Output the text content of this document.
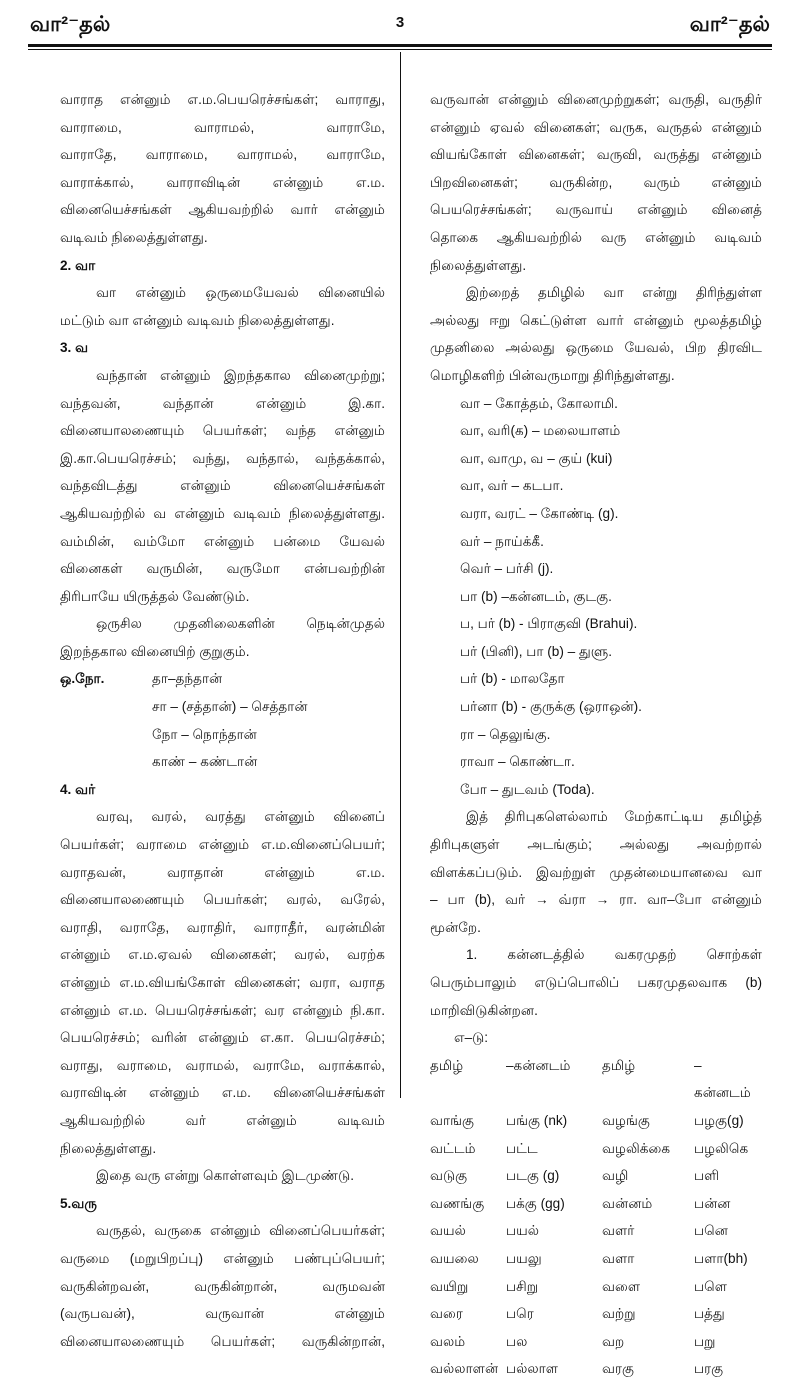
வா²⁻தல்	3	வா²⁻தல்

வாராத என்னும் எ.ம.பெயரெச்சங்கள்; வாராது,

வாராமை, வாராமல், வாராமே,

வாராதே, வாராமை, வாராமல், வாராமே,

வாராக்கால், வாராவிடின் என்னும் எ.ம.

வினையெச்சங்கள் ஆகியவற்றில் வார் என்னும்

வடிவம் நிலைத்துள்ளது.

2. வா

வா என்னும் ஒருமையேவல் வினையில்

மட்டும் வா என்னும் வடிவம் நிலைத்துள்ளது.

3. வ

வந்தான் என்னும் இறந்தகால வினைமுற்று;

வந்தவன், வந்தான் என்னும் இ.கா.

வினையாலணையும் பெயர்கள்; வந்த என்னும்

இ.கா.பெயரெச்சம்; வந்து, வந்தால், வந்தக்கால்,

வந்தவிடத்து என்னும் வினையெச்சங்கள்

ஆகியவற்றில் வ என்னும் வடிவம் நிலைத்துள்ளது.

வம்மின், வம்மோ என்னும் பன்மை யேவல்

வினைகள் வருமின், வருமோ என்பவற்றின்

திரிபாயே யிருத்தல் வேண்டும்.

ஒருசில முதனிலைகளின் நெடின்முதல்

இறந்தகால வினையிற் குறுகும்.

ஒ.நோ.	தா–தந்தான்
சா – (சத்தான்) – செத்தான்
நோ – நொந்தான்
காண் – கண்டான்

4. வர்

வரவு, வரல், வரத்து என்னும் வினைப்

பெயர்கள்; வராமை என்னும் எ.ம.வினைப்பெயர்;

வராதவன், வராதான் என்னும் எ.ம.

வினையாலணையும் பெயர்கள்; வரல், வரேல்,

வராதி, வராதே, வராதிர், வாராதீர், வரன்மின்

என்னும் எ.ம.ஏவல் வினைகள்; வரல், வரற்க

என்னும் எ.ம.வியங்கோள் வினைகள்; வரா, வராத

என்னும் எ.ம. பெயரெச்சங்கள்; வர என்னும் நி.கா.

பெயரெச்சம்; வரின் என்னும் எ.கா. பெயரெச்சம்;

வராது, வராமை, வராமல், வராமே, வராக்கால்,

வராவிடின் என்னும் எ.ம. வினையெச்சங்கள்

ஆகியவற்றில் வர் என்னும் வடிவம்

நிலைத்துள்ளது.

இதை வரு என்று கொள்ளவும் இடமுண்டு.

5.வரு

வருதல், வருகை என்னும் வினைப்பெயர்கள்;

வருமை (மறுபிறப்பு) என்னும் பண்புப்பெயர்;

வருகின்றவன், வருகின்றான், வருமவன்

(வருபவன்), வருவான் என்னும்

வினையாலணையும் பெயர்கள்; வருகின்றான்,

வருவான் என்னும் வினைமுற்றுகள்; வருதி, வருதிர்

என்னும் ஏவல் வினைகள்; வருக, வருதல் என்னும்

வியங்கோள் வினைகள்; வருவி, வருத்து என்னும்

பிறவினைகள்; வருகின்ற, வரும் என்னும்

பெயரெச்சங்கள்; வருவாய் என்னும் வினைத்

தொகை ஆகியவற்றில் வரு என்னும் வடிவம்

நிலைத்துள்ளது.

இற்றைத் தமிழில் வா என்று திரிந்துள்ள

அல்லது ஈறு கெட்டுள்ள வார் என்னும் மூலத்தமிழ்

முதனிலை அல்லது ஒருமை யேவல், பிற திரவிட

மொழிகளிற் பின்வருமாறு திரிந்துள்ளது.

வா – கோத்தம், கோலாமி.

வா, வரி(க) – மலையாளம்

வா, வாமு, வ – குய் (kui)

வா, வர் – கடபா.

வரா, வரட் – கோண்டி (g).

வர் – நாய்க்கீ.

வெர் – பர்சி (j).

பா (b) –கன்னடம், குடகு.

ப, பர் (b) - பிராகுவி (Brahui).

பர் (பினி), பா (b) – துளு.

பர் (b) - மாலதோ

பர்னா (b) - குருக்கு (ஒராஒன்).

ரா – தெலுங்கு.

ராவா – கொண்டா.

போ – துடவம் (Toda).

இத் திரிபுகளெல்லாம் மேற்காட்டிய தமிழ்த்

திரிபுகளுள் அடங்கும்; அல்லது அவற்றால்

விளக்கப்படும். இவற்றுள் முதன்மையானவை வா

– பா (b), வர் → வ்ரா → ரா. வா–போ என்னும்

மூன்றே.

1. கன்னடத்தில் வகரமுதற் சொற்கள்

பெரும்பாலும் எடுப்பொலிப் பகரமுதலவாக (b)

மாறிவிடுகின்றன.

எ–டு:

தமிழ்	–கன்னடம்	தமிழ்	– கன்னடம்
வாங்கு	பங்கு (nk)	வழங்கு	பழகு(g)
வட்டம்	பட்ட	வழலிக்கை	பழலிகெ
வடுகு	படகு (g)	வழி	பளி
வணங்கு	பக்கு (gg)	வன்னம்	பன்ன
வயல்	பயல்	வளர்	பனெ
வயலை	பயலு	வளா	பளா(bh)
வயிறு	பசிறு	வளை	பளெ
வரை	பரெ	வற்று	பத்து
வலம்	பல	வற	பறு
வல்லாளன்	பல்லாள	வரகு	பரகு
